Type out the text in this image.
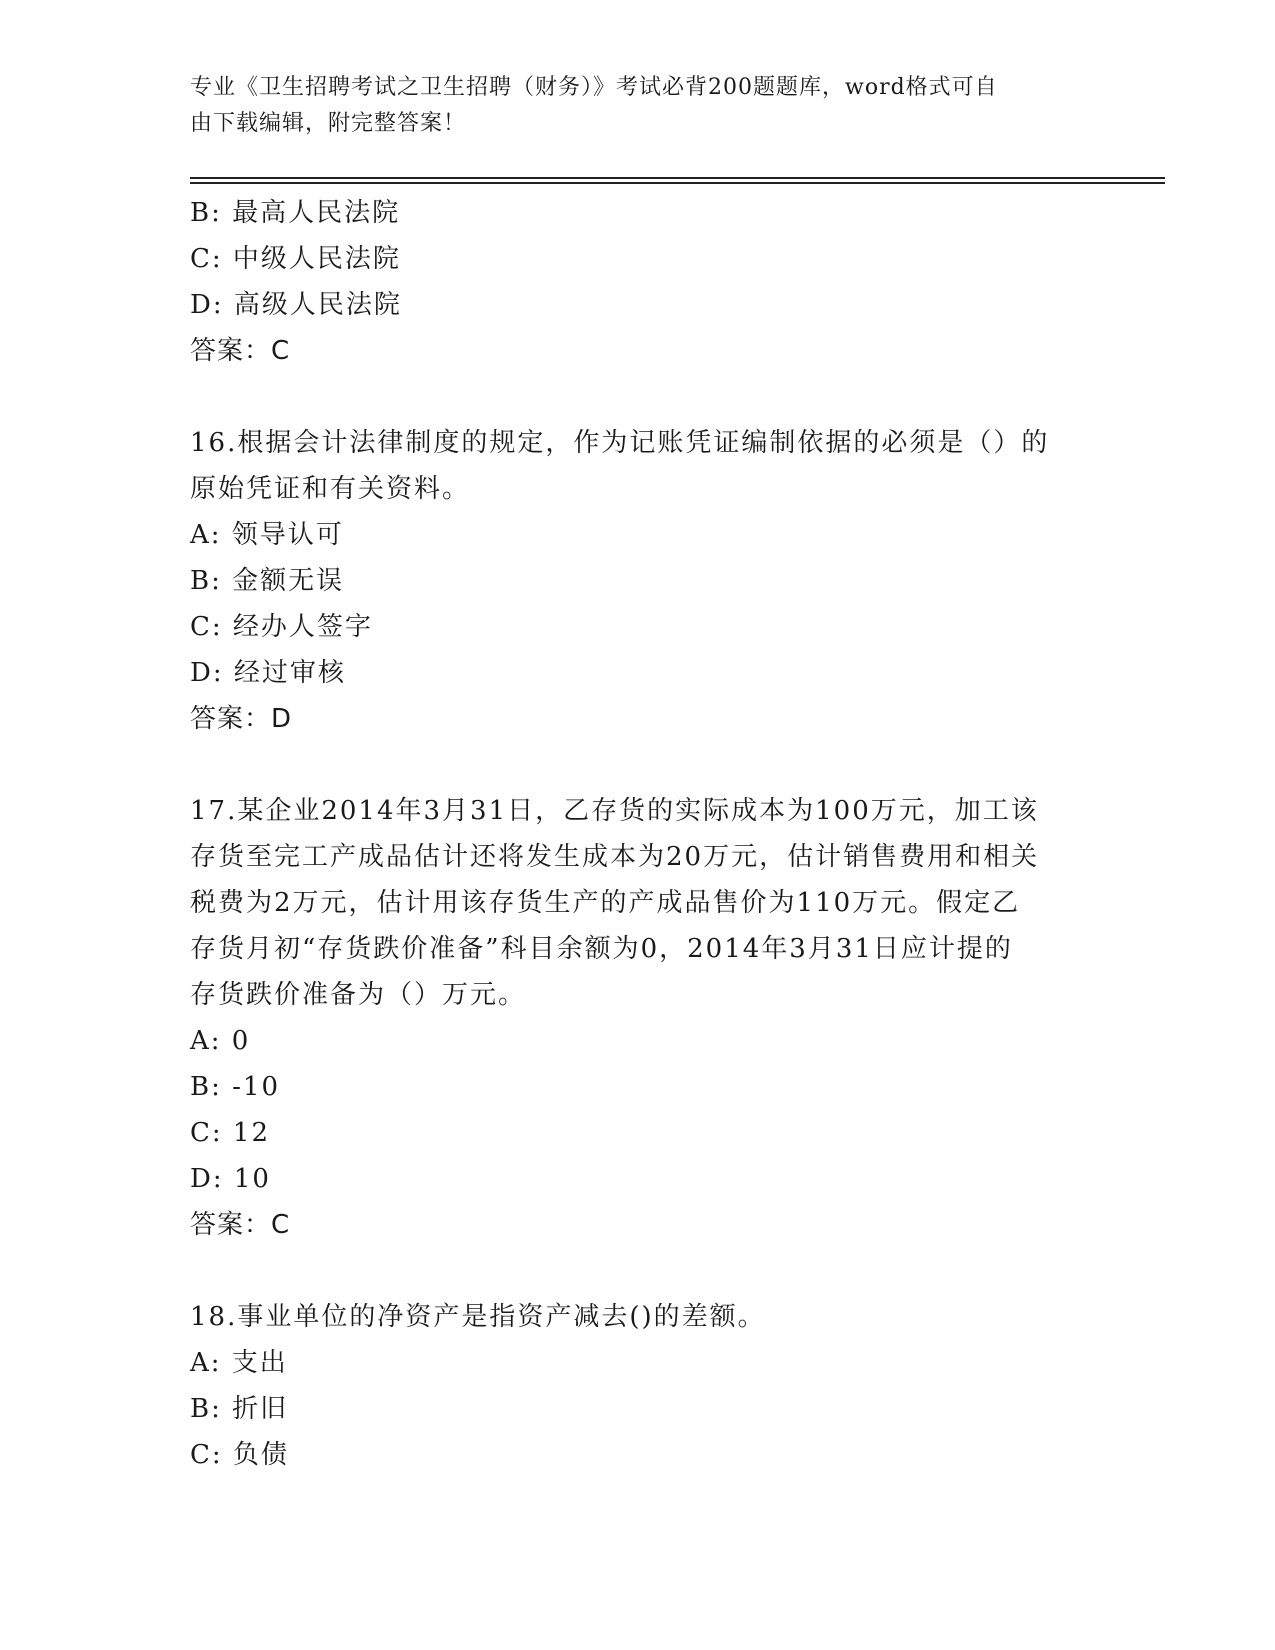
专业《卫生招聘考试之卫生招聘（财务）》考试必背200题题库，word格式可自
由下载编辑，附完整答案！
B: 最高人民法院
C: 中级人民法院
D: 高级人民法院
答案：C
16.根据会计法律制度的规定，作为记账凭证编制依据的必须是（）的
原始凭证和有关资料。
A: 领导认可
B: 金额无误
C: 经办人签字
D: 经过审核
答案：D
17.某企业2014年3月31日，乙存货的实际成本为100万元，加工该
存货至完工产成品估计还将发生成本为20万元，估计销售费用和相关
税费为2万元，估计用该存货生产的产成品售价为110万元。假定乙
存货月初“存货跌价准备”科目余额为0，2014年3月31日应计提的
存货跌价准备为（）万元。
A: 0
B: -10
C: 12
D: 10
答案：C
18.事业单位的净资产是指资产减去()的差额。
A: 支出
B: 折旧
C: 负债
